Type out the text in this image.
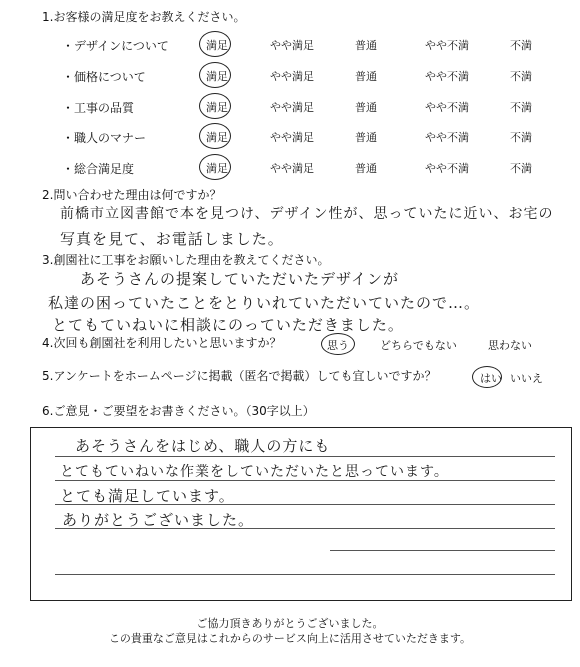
1.お客様の満足度をお教えください。
・デザインについて	満足	やや満足	普通	やや不満	不満
・価格について	満足	やや満足	普通	やや不満	不満
・工事の品質	満足	やや満足	普通	やや不満	不満
・職人のマナー	満足	やや満足	普通	やや不満	不満
・総合満足度	満足	やや満足	普通	やや不満	不満
2.問い合わせた理由は何ですか？
前橋市立図書館で本を見つけ、デザイン性が、思っていたに近い、お宅の
写真を見て、お電話しました。
3.創園社に工事をお願いした理由を教えてください。
あそうさんの提案していただいたデザインが
私達の困っていたことをとりいれていただいていたので…。
とてもていねいに相談にのっていただきました。
4.次回も創園社を利用したいと思いますか？	思う	どちらでもない	思わない
5.アンケートをホームページに掲載（匿名で掲載）しても宜しいですか？	はい いいえ
6.ご意見・ご要望をお書きください。（30字以上）
あそうさんをはじめ、職人の方にも
とてもていねいな作業をしていただいたと思っています。
とても満足しています。
ありがとうございました。
ご協力頂きありがとうございました。
この貴重なご意見はこれからのサービス向上に活用させていただきます。
